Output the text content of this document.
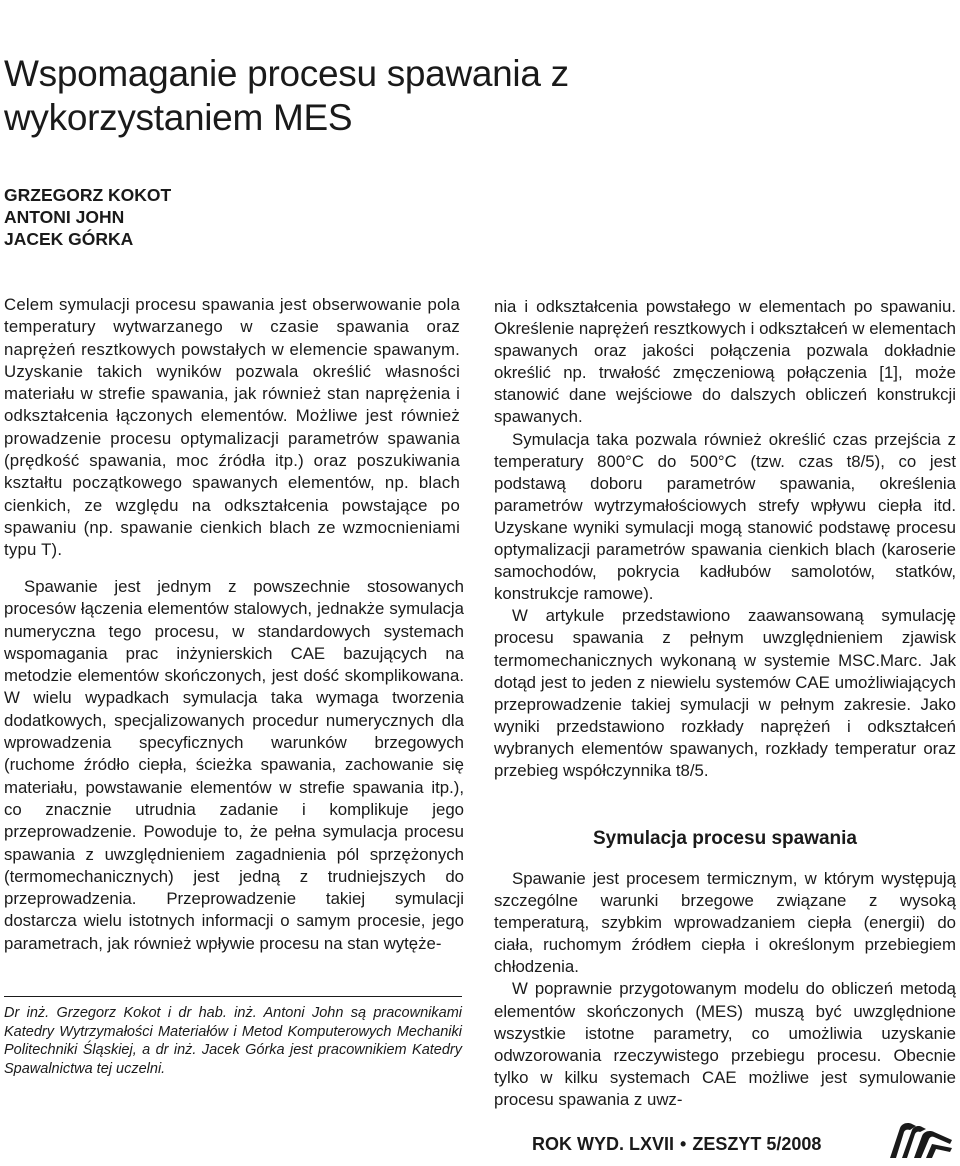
Wspomaganie procesu spawania z wykorzystaniem MES
GRZEGORZ KOKOT
ANTONI JOHN
JACEK GÓRKA

Celem symulacji procesu spawania jest obserwowanie pola temperatury wytwarzanego w czasie spawania oraz naprężeń resztkowych powstałych w elemencie spawanym. Uzyskanie takich wyników pozwala określić własności materiału w strefie spawania, jak również stan naprężenia i odkształcenia łączonych elementów. Możliwe jest również prowadzenie procesu optymalizacji parametrów spawania (prędkość spawania, moc źródła itp.) oraz poszukiwania kształtu początkowego spawanych elementów, np. blach cienkich, ze względu na odkształcenia powstające po spawaniu (np. spawanie cienkich blach ze wzmocnieniami typu T).

Spawanie jest jednym z powszechnie stosowanych procesów łączenia elementów stalowych, jednakże symulacja numeryczna tego procesu, w standardowych systemach wspomagania prac inżynierskich CAE bazujących na metodzie elementów skończonych, jest dość skomplikowana. W wielu wypadkach symulacja taka wymaga tworzenia dodatkowych, specjalizowanych procedur numerycznych dla wprowadzenia specyficznych warunków brzegowych (ruchome źródło ciepła, ścieżka spawania, zachowanie się materiału, powstawanie elementów w strefie spawania itp.), co znacznie utrudnia zadanie i komplikuje jego przeprowadzenie. Powoduje to, że pełna symulacja procesu spawania z uwzględnieniem zagadnienia pól sprzężonych (termomechanicznych) jest jedną z trudniejszych do przeprowadzenia. Przeprowadzenie takiej symulacji dostarcza wielu istotnych informacji o samym procesie, jego parametrach, jak również wpływie procesu na stan wytęże-

Dr inż. Grzegorz Kokot i dr hab. inż. Antoni John są pracownikami Katedry Wytrzymałości Materiałów i Metod Komputerowych Mechaniki Politechniki Śląskiej, a dr inż. Jacek Górka jest pracownikiem Katedry Spawalnictwa tej uczelni.

nia i odkształcenia powstałego w elementach po spawaniu. Określenie naprężeń resztkowych i odkształceń w elementach spawanych oraz jakości połączenia pozwala dokładnie określić np. trwałość zmęczeniową połączenia [1], może stanowić dane wejściowe do dalszych obliczeń konstrukcji spawanych.

Symulacja taka pozwala również określić czas przejścia z temperatury 800°C do 500°C (tzw. czas t8/5), co jest podstawą doboru parametrów spawania, określenia parametrów wytrzymałościowych strefy wpływu ciepła itd. Uzyskane wyniki symulacji mogą stanowić podstawę procesu optymalizacji parametrów spawania cienkich blach (karoserie samochodów, pokrycia kadłubów samolotów, statków, konstrukcje ramowe).

W artykule przedstawiono zaawansowaną symulację procesu spawania z pełnym uwzględnieniem zjawisk termomechanicznych wykonaną w systemie MSC.Marc. Jak dotąd jest to jeden z niewielu systemów CAE umożliwiających przeprowadzenie takiej symulacji w pełnym zakresie. Jako wyniki przedstawiono rozkłady naprężeń i odkształceń wybranych elementów spawanych, rozkłady temperatur oraz przebieg współczynnika t8/5.

Symulacja procesu spawania

Spawanie jest procesem termicznym, w którym występują szczególne warunki brzegowe związane z wysoką temperaturą, szybkim wprowadzaniem ciepła (energii) do ciała, ruchomym źródłem ciepła i określonym przebiegiem chłodzenia.

W poprawnie przygotowanym modelu do obliczeń metodą elementów skończonych (MES) muszą być uwzględnione wszystkie istotne parametry, co umożliwia uzyskanie odwzorowania rzeczywistego przebiegu procesu. Obecnie tylko w kilku systemach CAE możliwe jest symulowanie procesu spawania z uwz-

ROK WYD. LXVII • ZESZYT 5/2008
